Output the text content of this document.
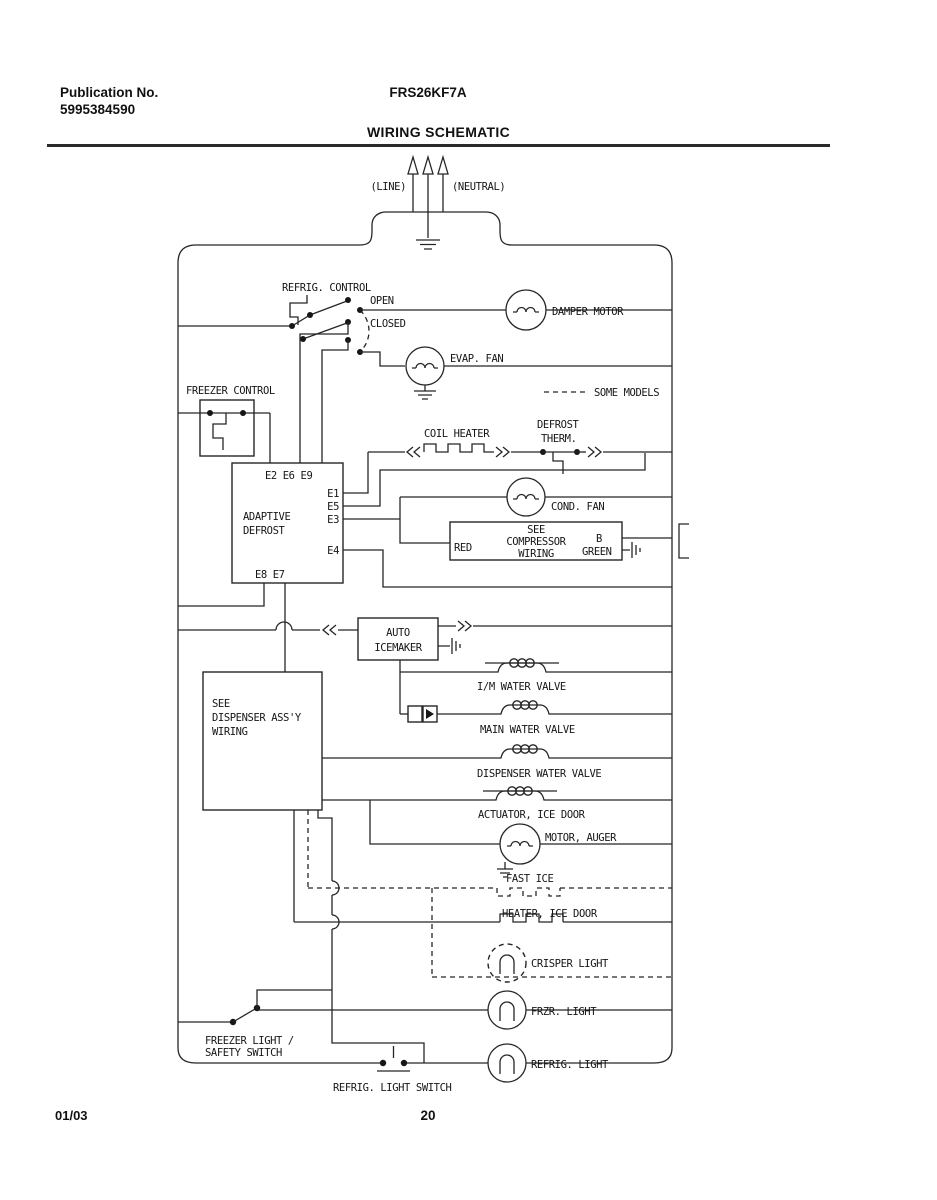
Publication No.
5995384590
FRS26KF7A
WIRING SCHEMATIC
01/03	20
(LINE)	(NEUTRAL)
REFRIG. CONTROL
OPEN
CLOSED
DAMPER MOTOR
EVAP. FAN
SOME MODELS
FREEZER CONTROL
E2 E6 E9
E1
E5
E3
E4
ADAPTIVE
DEFROST
E8 E7
COIL HEATER
DEFROST
THERM.
COND. FAN
SEE
COMPRESSOR
WIRING
RED
B
GREEN
AUTO
ICEMAKER
I/M WATER VALVE
MAIN WATER VALVE
DISPENSER WATER VALVE
ACTUATOR, ICE DOOR
SEE
DISPENSER ASS'Y
WIRING
MOTOR, AUGER
FAST ICE
HEATER, ICE DOOR
CRISPER LIGHT
FRZR. LIGHT
FREEZER LIGHT /
SAFETY SWITCH
REFRIG. LIGHT
REFRIG. LIGHT SWITCH
